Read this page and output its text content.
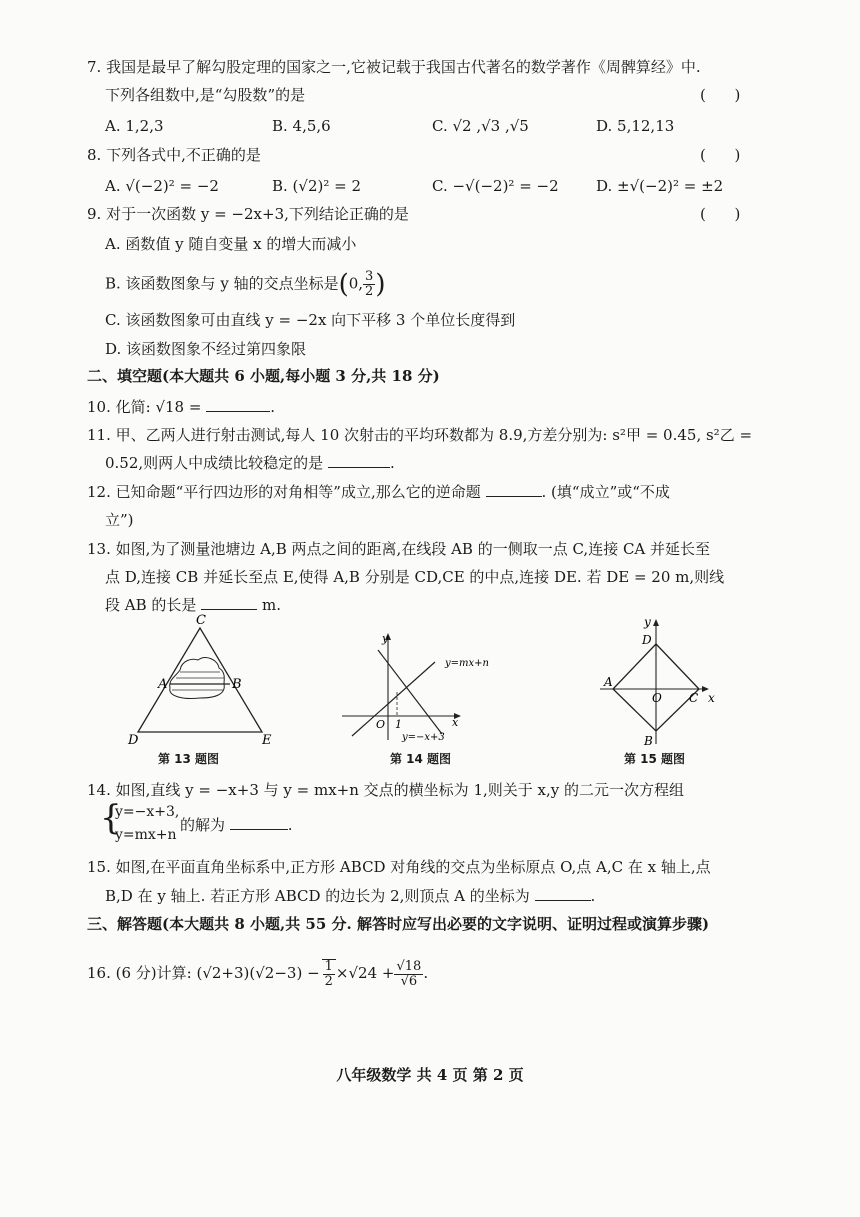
7. 我国是最早了解勾股定理的国家之一,它被记载于我国古代著名的数学著作《周髀算经》中.
下列各组数中,是“勾股数”的是	(      )
A. 1,2,3	B. 4,5,6	C. √2 ,√3 ,√5	D. 5,12,13
8. 下列各式中,不正确的是	(      )
A. √(−2)² = −2	B. (√2)² = 2	C. −√(−2)² = −2 D. ±√(−2)² = ±2
9. 对于一次函数 y = −2x+3,下列结论正确的是	(      )
A. 函数值 y 随自变量 x 的增大而减小
B. 该函数图象与 y 轴的交点坐标是(0, $\frac{3}{2}$ )
C. 该函数图象可由直线 y = −2x 向下平移 3 个单位长度得到
D. 该函数图象不经过第四象限
二、填空题(本大题共 6 小题,每小题 3 分,共 18 分)
10. 化简: √18 =	.
11. 甲、乙两人进行射击测试,每人 10 次射击的平均环数都为 8.9,方差分别为: s²甲 = 0.45, s²乙 =
0.52,则两人中成绩比较稳定的是	.
12. 已知命题“平行四边形的对角相等”成立,那么它的逆命题	. (填“成立”或“不成
立”)
13. 如图,为了测量池塘边 A,B 两点之间的距离,在线段 AB 的一侧取一点 C,连接 CA 并延长至
点 D,连接 CB 并延长至点 E,使得 A,B 分别是 CD,CE 的中点,连接 DE. 若 DE = 20 m,则线
段 AB 的长是	m.
C
A	B
D	E
第 13 题图
y
x
O 1
y=mx+n
y=−x+3
第 14 题图
y
D
A
O C x
B
第 15 题图
14. 如图,直线 y = −x+3 与 y = mx+n 交点的横坐标为 1,则关于 x,y 的二元一次方程组
{
y=−x+3,
y=mx+n
的解为	.
15. 如图,在平面直角坐标系中,正方形 ABCD 对角线的交点为坐标原点 O,点 A,C 在 x 轴上,点
B,D 在 y 轴上. 若正方形 ABCD 的边长为 2,则顶点 A 的坐标为	.
三、解答题(本大题共 8 小题,共 55 分. 解答时应写出必要的文字说明、证明过程或演算步骤)
16. (6 分)计算: $(√2+3)(√2-3) - \frac{1}{2} \times√24 + \frac{√18}{√6}$ .
八年级数学 共 4 页 第 2 页
